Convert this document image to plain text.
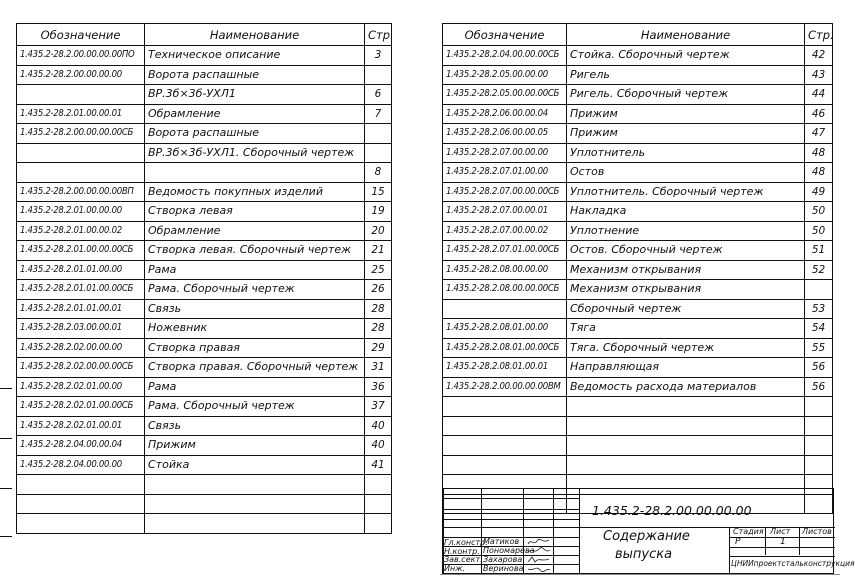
Обозначение	Наименование	Стр.
1.435.2-28.2.00.00.00.00ПО	Техническое описание	3
1.435.2-28.2.00.00.00.00	Ворота распашные	
	ВР.3б×3б-УХЛ1	6
1.435.2-28.2.01.00.00.01	Обрамление	7
1.435.2-28.2.00.00.00.00СБ	Ворота распашные	
	ВР.3б×3б-УХЛ1. Сборочный чертеж	
		8
1.435.2-28.2.00.00.00.00ВП	Ведомость покупных изделий	15
1.435.2-28.2.01.00.00.00	Створка левая	19
1.435.2-28.2.01.00.00.02	Обрамление	20
1.435.2-28.2.01.00.00.00СБ	Створка левая. Сборочный чертеж	21
1.435.2-28.2.01.01.00.00	Рама	25
1.435.2-28.2.01.01.00.00СБ	Рама. Сборочный чертеж	26
1.435.2-28.2.01.01.00.01	Связь	28
1.435.2-28.2.03.00.00.01	Ножевник	28
1.435.2-28.2.02.00.00.00	Створка правая	29
1.435.2-28.2.02.00.00.00СБ	Створка правая. Сборочный чертеж	31
1.435.2-28.2.02.01.00.00	Рама	36
1.435.2-28.2.02.01.00.00СБ	Рама. Сборочный чертеж	37
1.435.2-28.2.02.01.00.01	Связь	40
1.435.2-28.2.04.00.00.04	Прижим	40
1.435.2-28.2.04.00.00.00	Стойка	41

Обозначение	Наименование	Стр.
1.435.2-28.2.04.00.00.00СБ	Стойка. Сборочный чертеж	42
1.435.2-28.2.05.00.00.00	Ригель	43
1.435.2-28.2.05.00.00.00СБ	Ригель. Сборочный чертеж	44
1.435.2-28.2.06.00.00.04	Прижим	46
1.435.2-28.2.06.00.00.05	Прижим	47
1.435.2-28.2.07.00.00.00	Уплотнитель	48
1.435.2-28.2.07.01.00.00	Остов	48
1.435.2-28.2.07.00.00.00СБ	Уплотнитель. Сборочный чертеж	49
1.435.2-28.2.07.00.00.01	Накладка	50
1.435.2-28.2.07.00.00.02	Уплотнение	50
1.435.2-28.2.07.01.00.00СБ	Остов. Сборочный чертеж	51
1.435.2-28.2.08.00.00.00	Механизм открывания	52
1.435.2-28.2.08.00.00.00СБ	Механизм открывания	
	Сборочный чертеж	53
1.435.2-28.2.08.01.00.00	Тяга	54
1.435.2-28.2.08.01.00.00СБ	Тяга. Сборочный чертеж	55
1.435.2-28.2.08.01.00.01	Направляющая	56
1.435.2-28.2.00.00.00.00ВМ	Ведомость расхода материалов	56

1.435.2-28.2.00.00.00.00
Содержание
выпуска
Стадия Лист Листов
Р	1
ЦНИИпроектстальконструкция
Гл.констр.
Матиков
Н.контр. Пономарева
Зав.сект. Захарова
Инж. Веринова
